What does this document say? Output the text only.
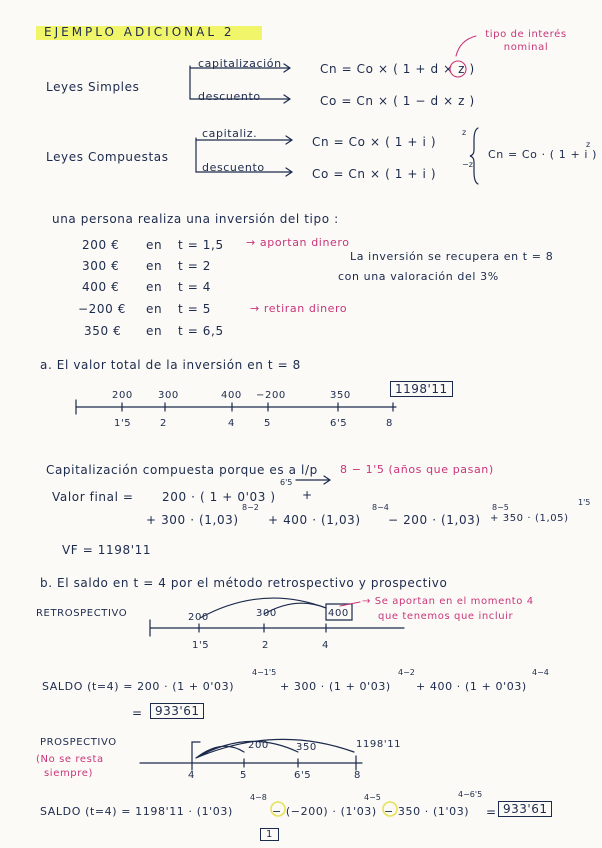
EJEMPLO ADICIONAL 2	tipo de interés nominal
Leyes Simples
capitalización
descuento
Cn = Co × ( 1 + d × z )
Co = Cn × ( 1 − d × z )
Leyes Compuestas
capitaliz.
descuento
Cn = Co × ( 1 + i )
z
Co = Cn × ( 1 + i )
−z
Cn = Co · ( 1 + i )
z
una persona realiza una inversión del tipo :
200 € en t = 1,5 → aportan dinero
300 € en t = 2
400 € en t = 4
−200 € en t = 5	→ retiran dinero
350 € en t = 6,5
La inversión se recupera en t = 8
con una valoración del 3%
a. El valor total de la inversión en t = 8
1198'11
200	300	400 −200	350
1'5	2	4	5	6'5	8
Capitalización compuesta porque es a l/p 8 − 1'5 (años que pasan)
Valor final = 200 · ( 1 + 0'03 )
6'5
+
+ 300 · (1,03)
8−2
+ 400 · (1,03)
8−4
− 200 · (1,03)
8−5
+ 350 · (1,05)
1'5
VF = 1198'11
b. El saldo en t = 4 por el método retrospectivo y prospectivo
RETROSPECTIVO	200	300	400
1'5	2	4
→ Se aportan en el momento 4
que tenemos que incluir
SALDO (t=4) = 200 · (1 + 0'03)
4−1'5
+ 300 · (1 + 0'03)
4−2
+ 400 · (1 + 0'03)
4−4
=	933'61
PROSPECTIVO
(No se resta
siempre)
200	350	1198'11
4	5	6'5	8
SALDO (t=4) = 1198'11 · (1'03)
4−8
− (−200) · (1'03)
4−5
− 350 · (1'03)
4−6'5
= 933'61
1
